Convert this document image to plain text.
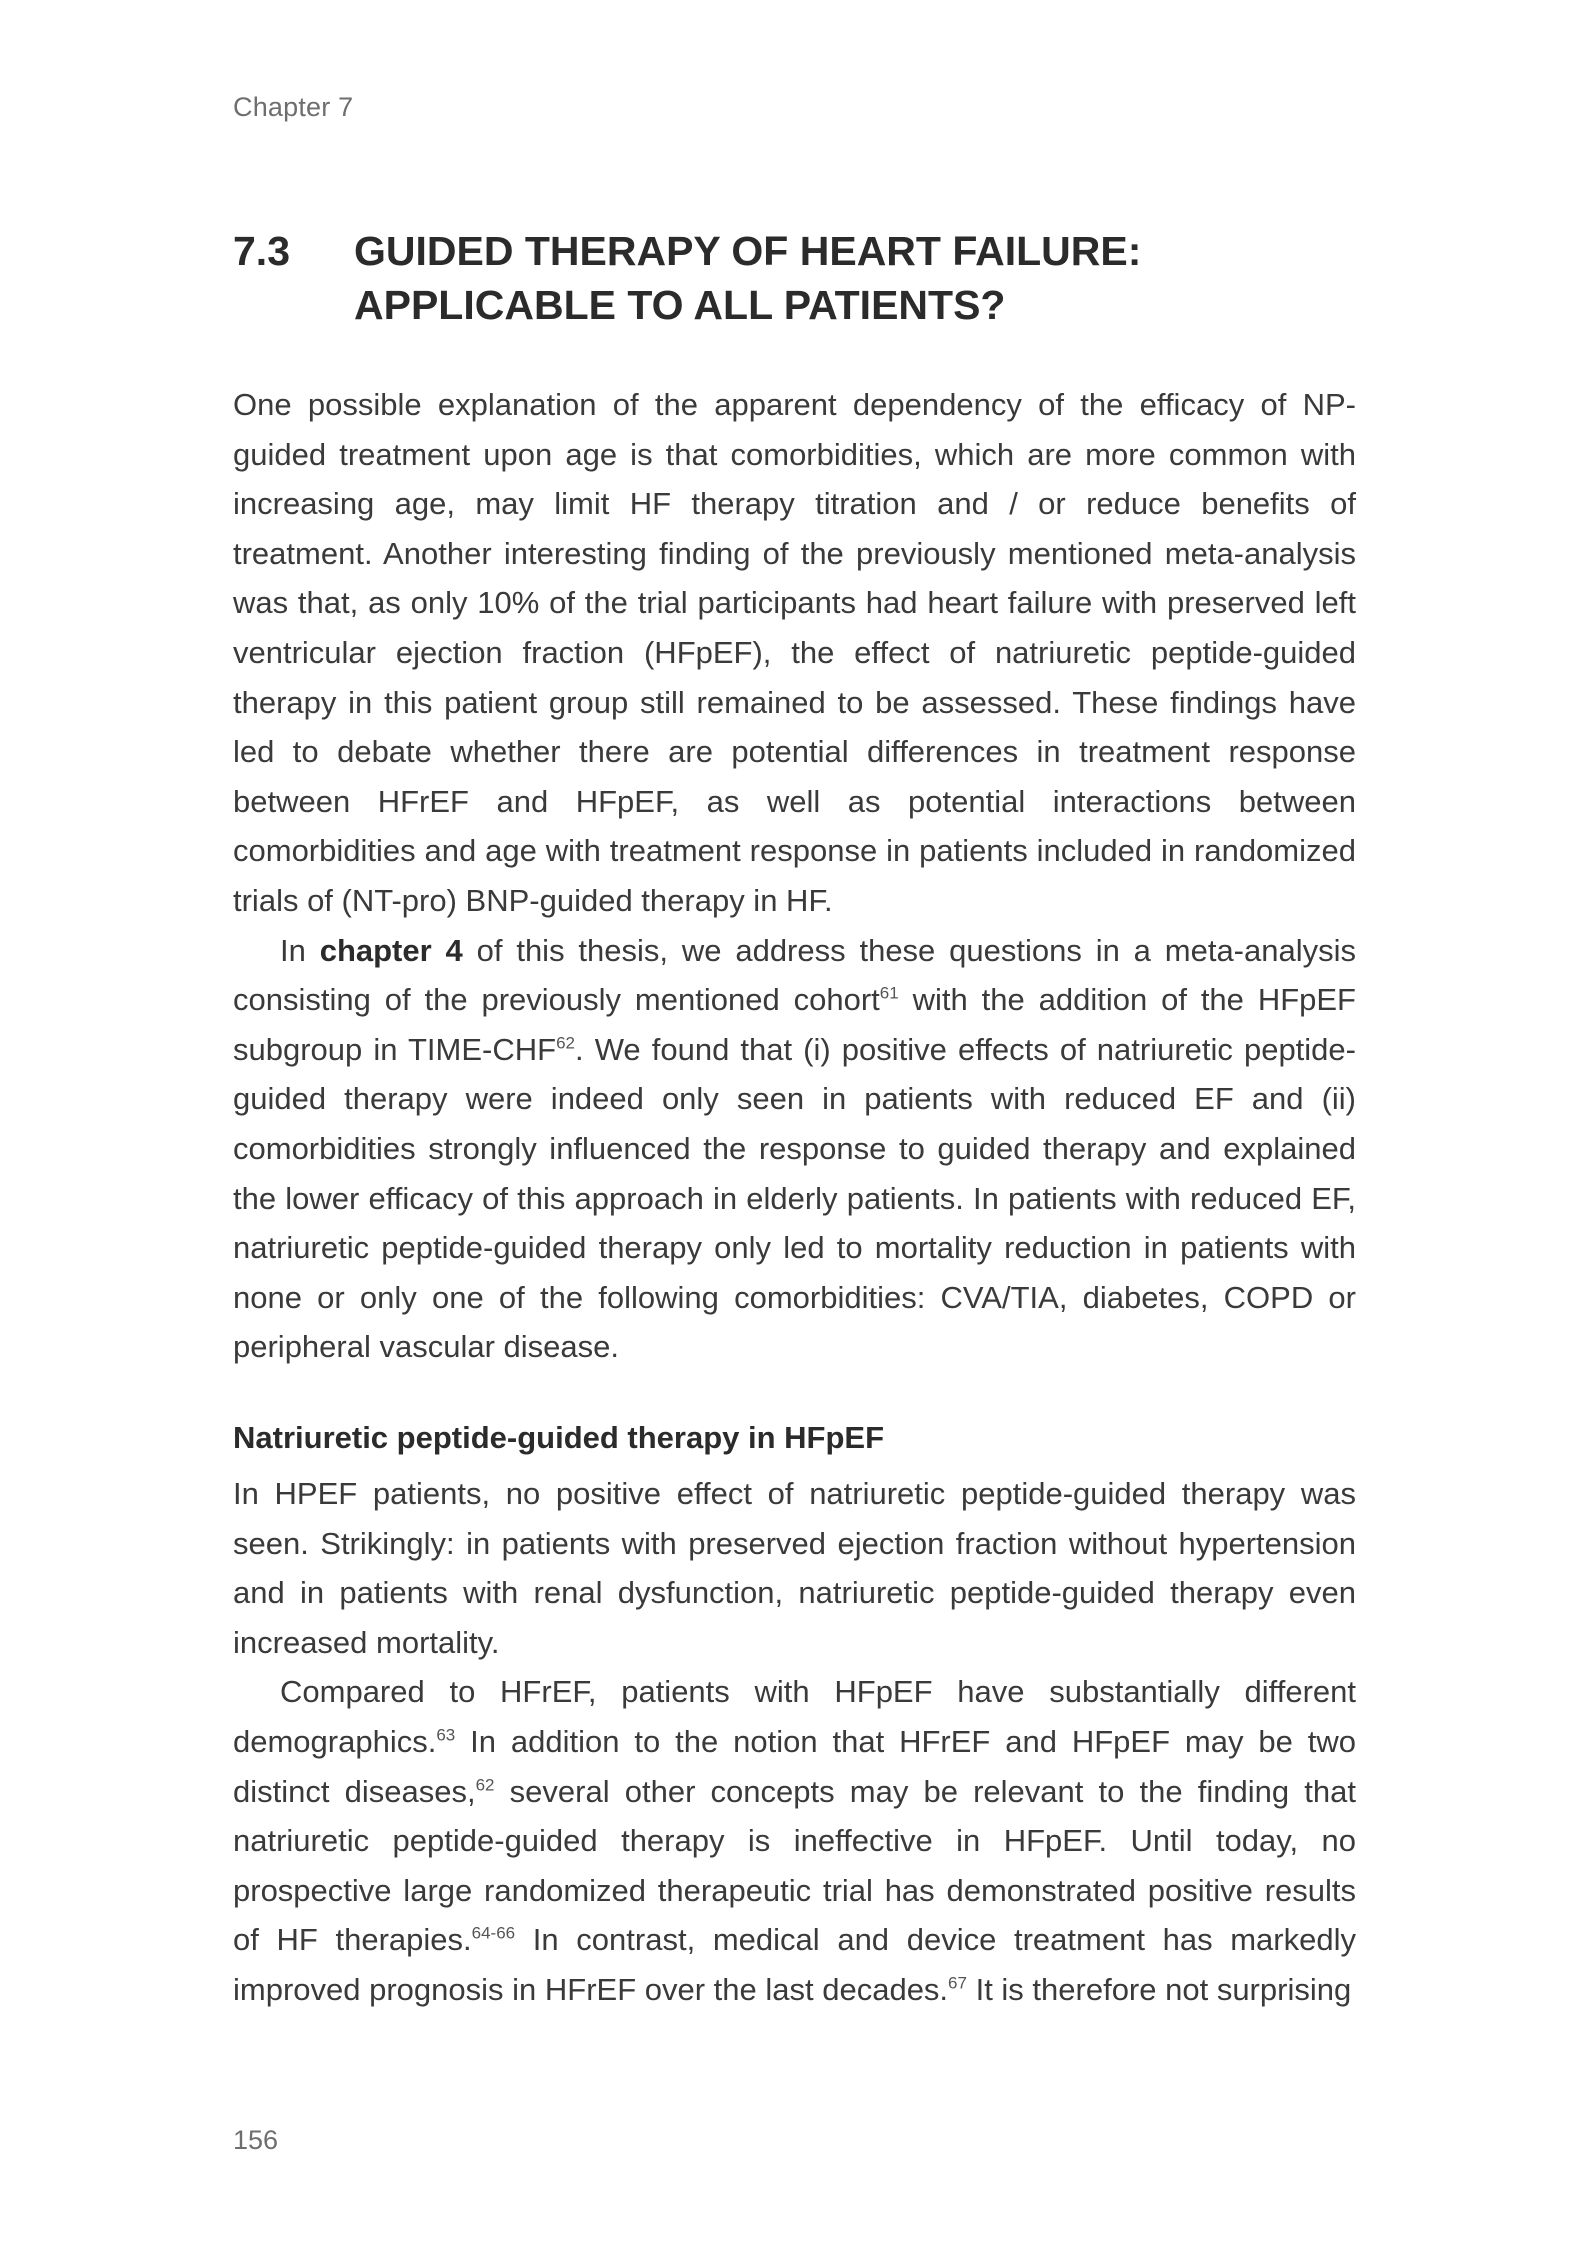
Chapter 7
7.3 GUIDED THERAPY OF HEART FAILURE: APPLICABLE TO ALL PATIENTS?

One possible explanation of the apparent dependency of the efficacy of NP-guided treatment upon age is that comorbidities, which are more common with increasing age, may limit HF therapy titration and / or reduce benefits of treatment. Another interesting finding of the previously mentioned meta-analysis was that, as only 10% of the trial participants had heart failure with preserved left ventricular ejection fraction (HFpEF), the effect of natriuretic peptide-guided therapy in this patient group still remained to be assessed. These findings have led to debate whether there are potential differences in treatment response between HFrEF and HFpEF, as well as potential interactions between comorbidities and age with treatment response in patients included in randomized trials of (NT-pro) BNP-guided therapy in HF.

In chapter 4 of this thesis, we address these questions in a meta-analysis consisting of the previously mentioned cohort$^{61}$ with the addition of the HFpEF subgroup in TIME-CHF$^{62}$. We found that (i) positive effects of natriuretic peptide-guided therapy were indeed only seen in patients with reduced EF and (ii) comorbidities strongly influenced the response to guided therapy and explained the lower efficacy of this approach in elderly patients. In patients with reduced EF, natriuretic peptide-guided therapy only led to mortality reduction in patients with none or only one of the following comorbidities: CVA/TIA, diabetes, COPD or peripheral vascular disease.

Natriuretic peptide-guided therapy in HFpEF

In HPEF patients, no positive effect of natriuretic peptide-guided therapy was seen. Strikingly: in patients with preserved ejection fraction without hypertension and in patients with renal dysfunction, natriuretic peptide-guided therapy even increased mortality.

Compared to HFrEF, patients with HFpEF have substantially different demographics.$^{63}$ In addition to the notion that HFrEF and HFpEF may be two distinct diseases,$^{62}$ several other concepts may be relevant to the finding that natriuretic peptide-guided therapy is ineffective in HFpEF. Until today, no prospective large randomized therapeutic trial has demonstrated positive results of HF therapies.$^{64-66}$ In contrast, medical and device treatment has markedly improved prognosis in HFrEF over the last decades.$^{67}$ It is therefore not surprising

156
